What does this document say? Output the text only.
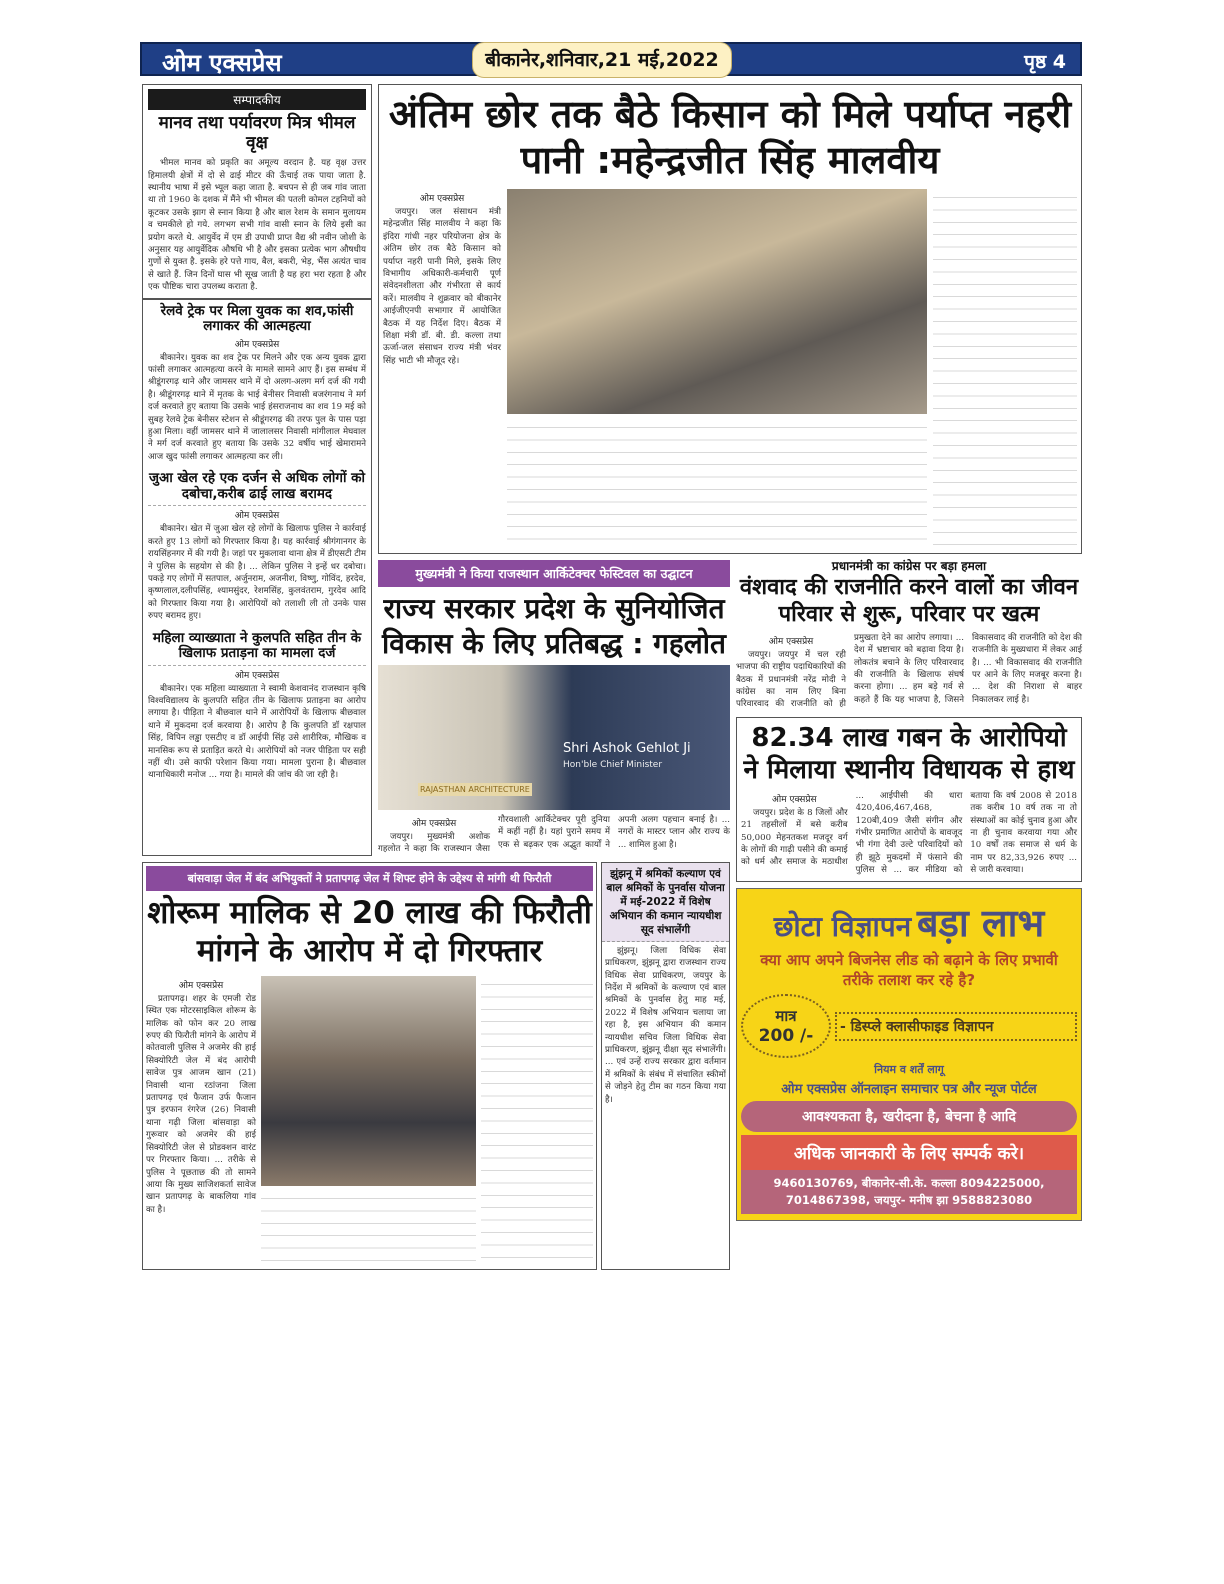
ओम एक्सप्रेस	बीकानेर,शनिवार,21 मई,2022	पृष्ठ 4
सम्पादकीय
मानव तथा पर्यावरण मित्र भीमल वृक्ष

भीमल मानव को प्रकृति का अमूल्य वरदान है. यह वृक्ष उत्तर हिमालयी क्षेत्रों में दो से ढाई मीटर की ऊँचाई तक पाया जाता है. स्थानीय भाषा में इसे भ्यूल कहा जाता है. बचपन से ही जब गांव जाता था तो 1960 के दशक में मैंने भी भीमल की पतली कोमल टहनियों को कूटकर उसके झाग से स्नान किया है और बाल रेशम के समान मुलायम व चमकीले हो गये. लगभग सभी गांव वासी स्नान के लिये इसी का प्रयोग करते थे. आयुर्वेद में एम डी उपाधी प्राप्त वैद्य श्री नवीन जोशी के अनुसार यह आयुर्वेदिक औषधि भी है और इसका प्रत्येक भाग औषधीय गुणों से युक्त है. इसके हरे पत्ते गाय, बैल, बकरी, भेड़, भैंस अत्यंत चाव से खाते हैं. जिन दिनों घास भी सूख जाती है यह हरा भरा रहता है और एक पौष्टिक चारा उपलब्ध कराता है.

रेलवे ट्रेक पर मिला युवक का शव,फांसी लगाकर की आत्महत्या
ओम एक्सप्रेस

बीकानेर। युवक का शव ट्रेक पर मिलने और एक अन्य युवक द्वारा फांसी लगाकर आत्महत्या करने के मामले सामने आए हैं। इस सम्बंध में श्रीडूंगरगढ़ थाने और जामसर थाने में दो अलग-अलग मर्ग दर्ज की गयी है। श्रीडूंगरगढ़ थाने में मृतक के भाई बेनीसर निवासी बजरंगनाथ ने मर्ग दर्ज करवाते हुए बताया कि उसके भाई हंसराजनाथ का शव 19 मई को सुबह रेलवे ट्रेक बेनीसर स्टेशन से श्रीडूंगरगढ़ की तरफ पुल के पास पड़ा हुआ मिला। वहीं जामसर थाने में जालालसर निवासी मांगीलाल मेघवाल ने मर्ग दर्ज करवाते हुए बताया कि उसके 32 वर्षीय भाई खेमारामने आज खुद फांसी लगाकर आत्महत्या कर ली।

जुआ खेल रहे एक दर्जन से अधिक लोगों को दबोचा,करीब ढाई लाख बरामद
ओम एक्सप्रेस

बीकानेर। खेत में जुआ खेल रहे लोगों के खिलाफ पुलिस ने कार्रवाई करते हुए 13 लोगों को गिरफ्तार किया है। यह कार्रवाई श्रीगंगानगर के रायसिंहनगर में की गयी है। जहां पर मुकलावा थाना क्षेत्र में डीएसटी टीम ने पुलिस के सहयोग से की है। ... लेकिन पुलिस ने इन्हें धर दबोचा। पकड़े गए लोगों में सतपाल, अर्जुनराम, अजनीश, विष्णु, गोविंद, हरदेव, कृष्णलाल,दलीपसिंह, श्यामसुंदर, रेशमसिंह, कुलवंतराम, गुरदेव आदि को गिरफ्तार किया गया है। आरोपियों को तलाशी ली तो उनके पास रुपए बरामद हुए।

महिला व्याख्याता ने कुलपति सहित तीन के खिलाफ प्रताड़ना का मामला दर्ज
ओम एक्सप्रेस

बीकानेर। एक महिला व्याख्याता ने स्वामी केशवानंद राजस्थान कृषि विश्वविद्यालय के कुलपति सहित तीन के खिलाफ प्रताड़ना का आरोप लगाया है। पीड़िता ने बीछवाल थाने में आरोपियों के खिलाफ बीछवाल थाने में मुकदमा दर्ज करवाया है। आरोप है कि कुलपति डॉ रक्षपाल सिंह, विपिन लड्ढा एसटीए व डॉ आईपी सिंह उसे शारीरिक, मौखिक व मानसिक रूप से प्रताड़ित करते थे। आरोपियों को नजर पीड़िता पर सही नहीं थी। उसे काफी परेशान किया गया। मामला पुराना है। बीछवाल थानाधिकारी मनोज ... गया है। मामले की जांच की जा रही है।

अंतिम छोर तक बैठे किसान को मिले पर्याप्त नहरी पानी :महेन्द्रजीत सिंह मालवीय
ओम एक्सप्रेस

जयपुर। जल संसाधन मंत्री महेन्द्रजीत सिंह मालवीय ने कहा कि इंदिरा गांधी नहर परियोजना क्षेत्र के अंतिम छोर तक बैठे किसान को पर्याप्त नहरी पानी मिले, इसके लिए विभागीय अधिकारी-कर्मचारी पूर्ण संवेदनशीलता और गंभीरता से कार्य करें। मालवीय ने शुक्रवार को बीकानेर आईजीएनपी सभागार में आयोजित बैठक में यह निर्देश दिए। बैठक में शिक्षा मंत्री डॉ. बी. डी. कल्ला तथा ऊर्जा-जल संसाधन राज्य मंत्री भंवर सिंह भाटी भी मौजूद रहे।

मुख्यमंत्री ने किया राजस्थान आर्किटेक्चर फेस्टिवल का उद्घाटन
राज्य सरकार प्रदेश के सुनियोजित विकास के लिए प्रतिबद्ध : गहलोत
Shri Ashok Gehlot Ji
Hon'ble Chief Minister
RAJASTHAN ARCHITECTURE
ओम एक्सप्रेस

जयपुर। मुख्यमंत्री अशोक गहलोत ने कहा कि राजस्थान जैसा गौरवशाली आर्किटेक्चर पूरी दुनिया में कहीं नहीं है। यहां पुराने समय में एक से बढ़कर एक अद्भुत कार्यों ने अपनी अलग पहचान बनाई है। ... नगरों के मास्टर प्लान और राज्य के ... शामिल हुआ है।

प्रधानमंत्री का कांग्रेस पर बड़ा हमला
वंशवाद की राजनीति करने वालों का जीवन परिवार से शुरू, परिवार पर खत्म
ओम एक्सप्रेस

जयपुर। जयपुर में चल रही भाजपा की राष्ट्रीय पदाधिकारियों की बैठक में प्रधानमंत्री नरेंद्र मोदी ने कांग्रेस का नाम लिए बिना परिवारवाद की राजनीति को ही प्रमुखता देने का आरोप लगाया। ... देश में भ्रष्टाचार को बढ़ावा दिया है। लोकतंत्र बचाने के लिए परिवारवाद की राजनीति के खिलाफ संघर्ष करना होगा। ... हम बड़े गर्व से कहते हैं कि यह भाजपा है, जिसने विकासवाद की राजनीति को देश की राजनीति के मुख्यधारा में लेकर आई है। ... भी विकासवाद की राजनीति पर आने के लिए मजबूर करना है। ... देश की निराशा से बाहर निकालकर लाई है।

82.34 लाख गबन के आरोपियो ने मिलाया स्थानीय विधायक से हाथ
ओम एक्सप्रेस

जयपुर। प्रदेश के 8 जिलों और 21 तहसीलों में बसे करीब 50,000 मेहनतकश मजदूर वर्ग के लोगों की गाढ़ी पसीने की कमाई को धर्म और समाज के मठाधीश ... आईपीसी की धारा 420,406,467,468, 120बी,409 जैसी संगीन और गंभीर प्रमाणित आरोपों के बावजूद भी गंगा देवी उल्टे परिवादियों को ही झूठे मुकदमों में फंसाने की पुलिस से ... कर मीडिया को बताया कि वर्ष 2008 से 2018 तक करीब 10 वर्ष तक ना तो संस्थाओं का कोई चुनाव हुआ और ना ही चुनाव करवाया गया और 10 वर्षों तक समाज से धर्म के नाम पर 82,33,926 रुपए ... से जारी करवाया।

छोटा विज्ञापन बड़ा लाभ
क्या आप अपने बिजनेस लीड को बढ़ाने के लिए प्रभावी तरीके तलाश कर रहे है?
मात्र
200 /-	- डिस्प्ले क्लासीफाइड विज्ञापन
नियम व शर्तें लागू
ओम एक्सप्रेस ऑनलाइन समाचार पत्र और न्यूज पोर्टल
आवश्यकता है, खरीदना है, बेचना है आदि
अधिक जानकारी के लिए सम्पर्क करे।
9460130769, बीकानेर-सी.के. कल्ला 8094225000, 7014867398, जयपुर- मनीष झा 9588823080
बांसवाड़ा जेल में बंद अभियुक्तों ने प्रतापगढ़ जेल में शिफ्ट होने के उद्देश्य से मांगी थी फिरौती
शोरूम मालिक से 20 लाख की फिरौती मांगने के आरोप में दो गिरफ्तार
ओम एक्सप्रेस

प्रतापगढ़। शहर के एमजी रोड स्थित एक मोटरसाइकिल शोरूम के मालिक को फोन कर 20 लाख रुपए की फिरौती मांगने के आरोप में कोतवाली पुलिस ने अजमेर की हाई सिक्योरिटी जेल में बंद आरोपी सावेज पुत्र आजम खान (21) निवासी थाना रठांजना जिला प्रतापगढ़ एवं फैजान उर्फ फैजान पुत्र इरफान रंगरेज (26) निवासी थाना गढ़ी जिला बांसवाड़ा को गुरूवार को अजमेर की हाई सिक्योरिटी जेल से प्रोडक्शन वारंट पर गिरफ्तार किया। ... तरीके से पुलिस ने पूछताछ की तो सामने आया कि मुख्य साजिशकर्ता सावेज खान प्रतापगढ़ के बाकलिया गांव का है।

झुंझनू में श्रमिकों कल्याण एवं बाल श्रमिकों के पुनर्वास योजना में मई-2022 में विशेष अभियान की कमान न्यायधीश सूद संभालेंगी

झुंझनू। जिला विधिक सेवा प्राधिकरण, झुंझनू द्वारा राजस्थान राज्य विधिक सेवा प्राधिकरण, जयपुर के निर्देश में श्रमिकों के कल्याण एवं बाल श्रमिकों के पुनर्वास हेतु माह मई, 2022 में विशेष अभियान चलाया जा रहा है, इस अभियान की कमान न्यायधीश सचिव जिला विधिक सेवा प्राधिकरण, झुंझनू दीक्षा सूद संभालेंगी। ... एवं उन्हें राज्य सरकार द्वारा वर्तमान में श्रमिकों के संबंध में संचालित स्कीमों से जोड़ने हेतु टीम का गठन किया गया है।
